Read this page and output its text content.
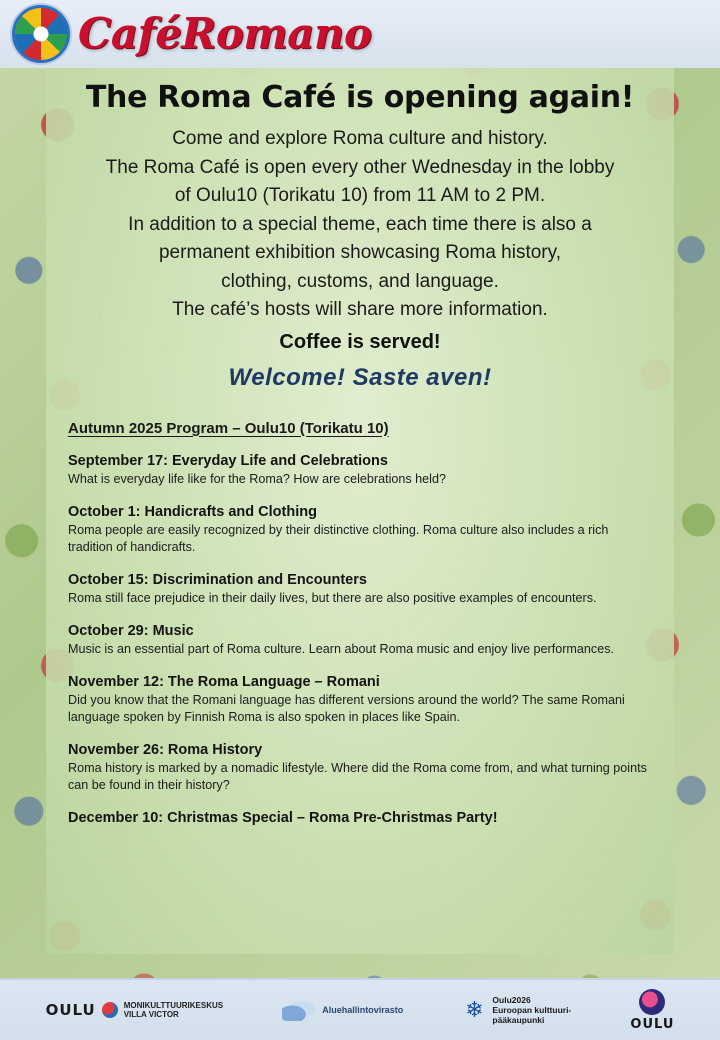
CaféRomano
The Roma Café is opening again!

Come and explore Roma culture and history.

The Roma Café is open every other Wednesday in the lobby

of Oulu10 (Torikatu 10) from 11 AM to 2 PM.

In addition to a special theme, each time there is also a

permanent exhibition showcasing Roma history,

clothing, customs, and language.

The café’s hosts will share more information.

Coffee is served!
Welcome! Saste aven!
Autumn 2025 Program – Oulu10 (Torikatu 10)
September 17: Everyday Life and Celebrations
What is everyday life like for the Roma? How are celebrations held?
October 1: Handicrafts and Clothing
Roma people are easily recognized by their distinctive clothing. Roma culture also includes a rich tradition of handicrafts.
October 15: Discrimination and Encounters
Roma still face prejudice in their daily lives, but there are also positive examples of encounters.
October 29: Music
Music is an essential part of Roma culture. Learn about Roma music and enjoy live performances.
November 12: The Roma Language – Romani
Did you know that the Romani language has different versions around the world? The same Romani language spoken by Finnish Roma is also spoken in places like Spain.
November 26: Roma History
Roma history is marked by a nomadic lifestyle. Where did the Roma come from, and what turning points can be found in their history?
December 10: Christmas Special – Roma Pre-Christmas Party!
OULU	MONIKULTTUURIKESKUS
VILLA VICTOR	Aluehallintovirasto	❄	Oulu2026
Euroopan kulttuuri-
pääkaupunki	OULU
